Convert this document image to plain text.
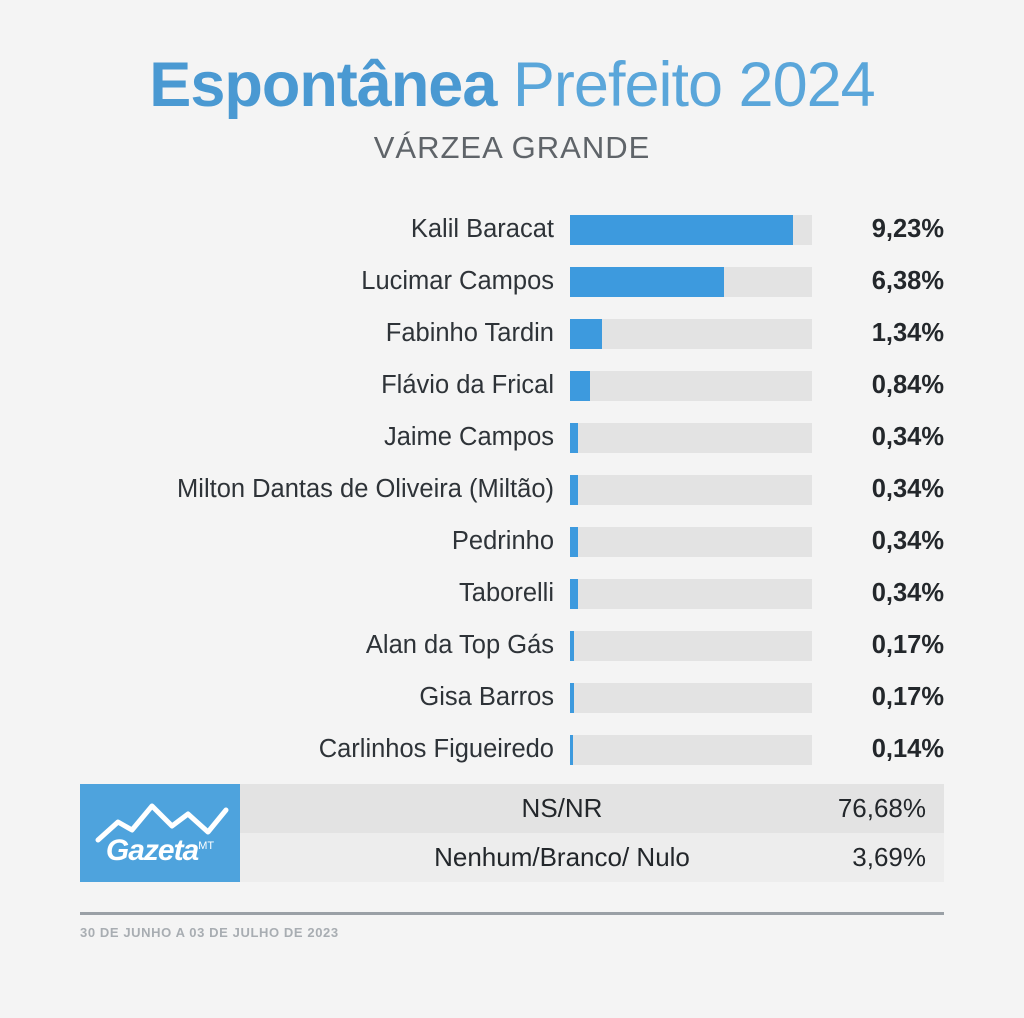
Espontânea Prefeito 2024
VÁRZEA GRANDE
Kalil Baracat	9,23%
Lucimar Campos	6,38%
Fabinho Tardin	1,34%
Flávio da Frical	0,84%
Jaime Campos	0,34%
Milton Dantas de Oliveira (Miltão)	0,34%
Pedrinho	0,34%
Taborelli	0,34%
Alan da Top Gás	0,17%
Gisa Barros	0,17%
Carlinhos Figueiredo	0,14%
Gazeta$^{MT}$
NS/NR	76,68%
Nenhum/Branco/ Nulo	3,69%
30 DE JUNHO A 03 DE JULHO DE 2023
